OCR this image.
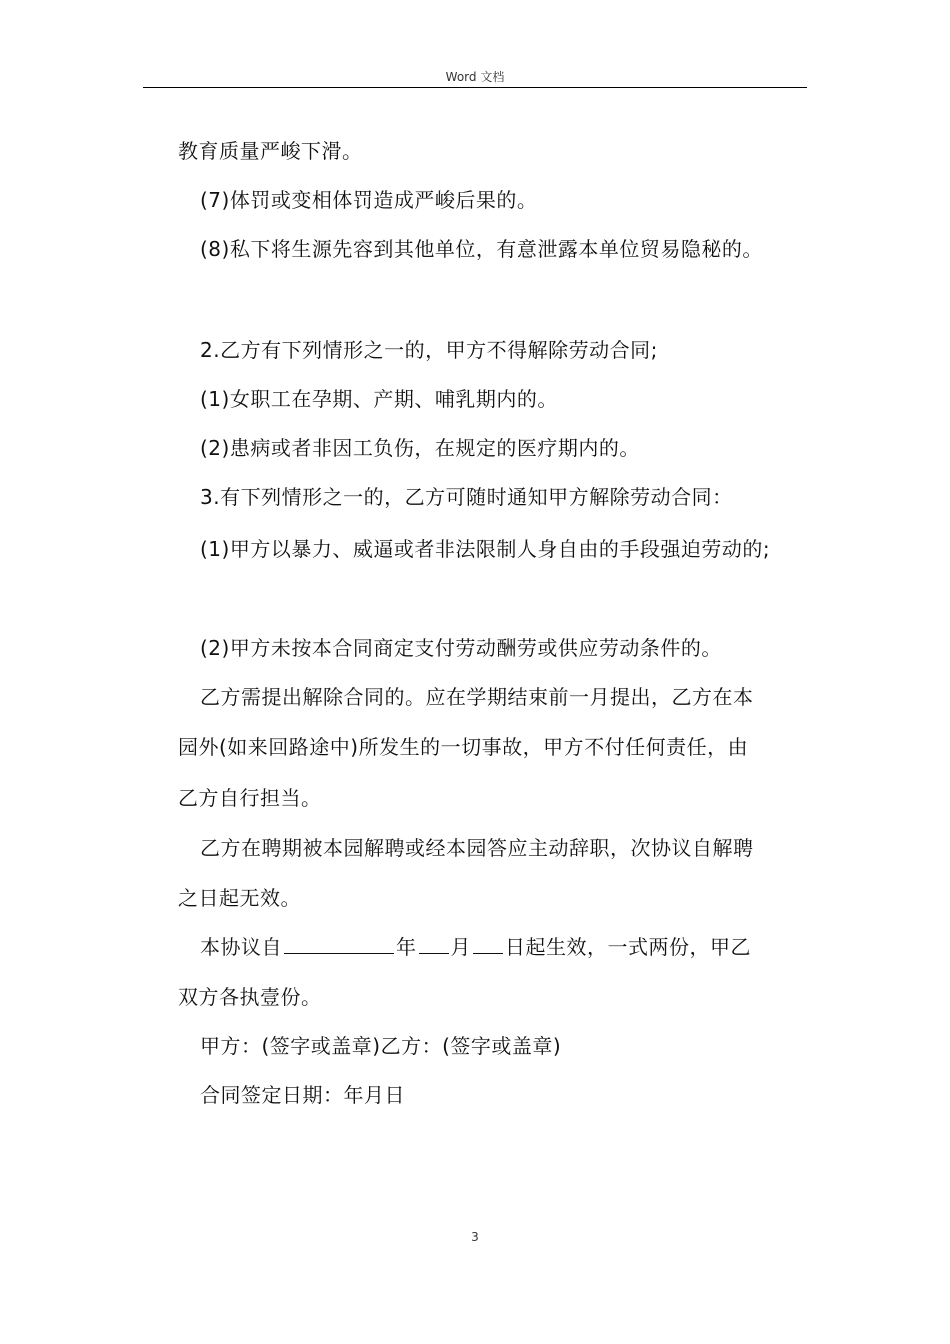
Word 文档
教育质量严峻下滑。
(7)体罚或变相体罚造成严峻后果的。
(8)私下将生源先容到其他单位，有意泄露本单位贸易隐秘的。
2.乙方有下列情形之一的，甲方不得解除劳动合同;
(1)女职工在孕期、产期、哺乳期内的。
(2)患病或者非因工负伤，在规定的医疗期内的。
3.有下列情形之一的，乙方可随时通知甲方解除劳动合同：
(1)甲方以暴力、威逼或者非法限制人身自由的手段强迫劳动的;
(2)甲方未按本合同商定支付劳动酬劳或供应劳动条件的。
乙方需提出解除合同的。应在学期结束前一月提出，乙方在本
园外(如来回路途中)所发生的一切事故，甲方不付任何责任，由
乙方自行担当。
乙方在聘期被本园解聘或经本园答应主动辞职，次协议自解聘
之日起无效。
本协议自	年 月 日起生效，一式两份，甲乙
双方各执壹份。
甲方：(签字或盖章)乙方：(签字或盖章)
合同签定日期：年月日
3
